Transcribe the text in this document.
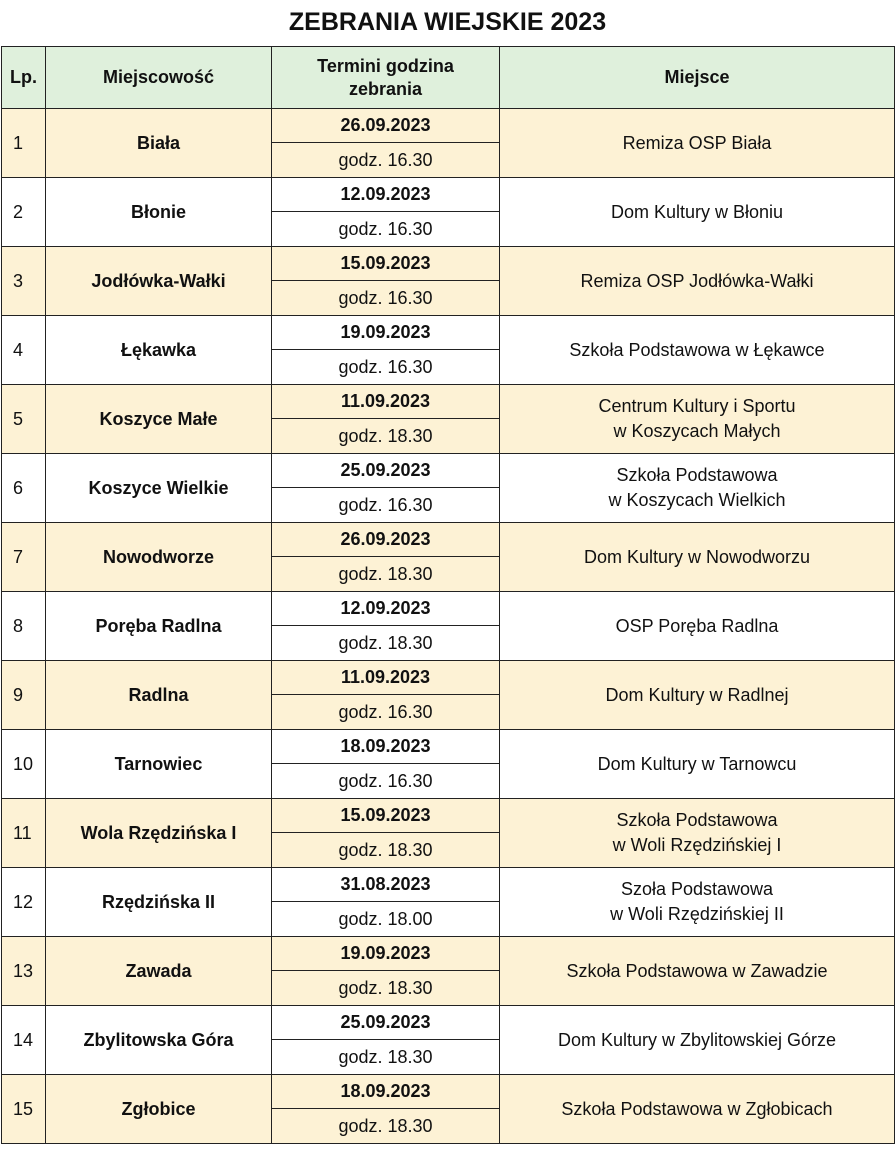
ZEBRANIA WIEJSKIE 2023
Lp.	Miejscowość	Termini godzina
zebrania	Miejsce
1	Biała	26.09.2023	Remiza OSP Biała
		godz. 16.30	
2	Błonie	12.09.2023	Dom Kultury w Błoniu
		godz. 16.30	
3	Jodłówka-Wałki	15.09.2023	Remiza OSP Jodłówka-Wałki
		godz. 16.30	
4	Łękawka	19.09.2023	Szkoła Podstawowa w Łękawce
		godz. 16.30	
5	Koszyce Małe	11.09.2023	Centrum Kultury i Sportu
w Koszycach Małych
		godz. 18.30	
6	Koszyce Wielkie	25.09.2023	Szkoła Podstawowa
w Koszycach Wielkich
		godz. 16.30	
7	Nowodworze	26.09.2023	Dom Kultury w Nowodworzu
		godz. 18.30	
8	Poręba Radlna	12.09.2023	OSP Poręba Radlna
		godz. 18.30	
9	Radlna	11.09.2023	Dom Kultury w Radlnej
		godz. 16.30	
10	Tarnowiec	18.09.2023	Dom Kultury w Tarnowcu
		godz. 16.30	
11	Wola Rzędzińska I	15.09.2023	Szkoła Podstawowa
w Woli Rzędzińskiej I
		godz. 18.30	
12	Rzędzińska II	31.08.2023	Szoła Podstawowa
w Woli Rzędzińskiej II
		godz. 18.00	
13	Zawada	19.09.2023	Szkoła Podstawowa w Zawadzie
		godz. 18.30	
14	Zbylitowska Góra	25.09.2023	Dom Kultury w Zbylitowskiej Górze
		godz. 18.30	
15	Zgłobice	18.09.2023	Szkoła Podstawowa w Zgłobicach
		godz. 18.30	
